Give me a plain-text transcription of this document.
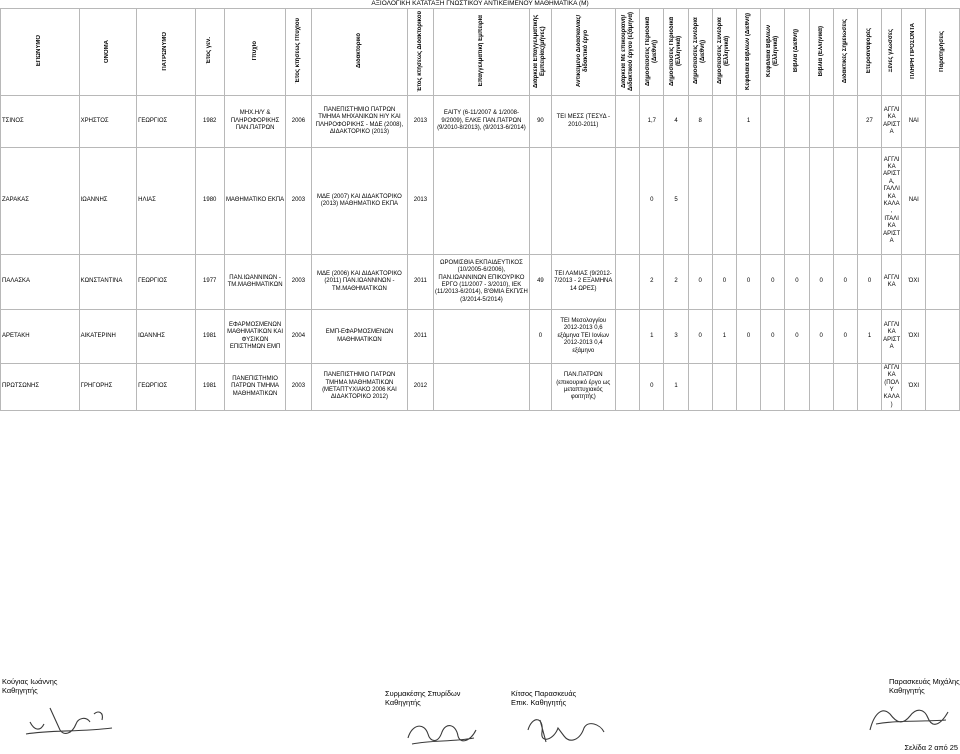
ΑΞΙΟΛΟΓΙΚΗ ΚΑΤΑΤΑΞΗ ΓΝΩΣΤΙΚΟΥ ΑΝΤΙΚΕΙΜΕΝΟΥ ΜΑΘΗΜΑΤΙΚΑ (Μ)
ΕΠΩΝΥΜΟ	ΟΝΟΜΑ	ΠΑΤΡΩΝΥΜΟ	Έτος γεν.	Πτυχίο	Έτος κτήσεως Πτυχίου	Διδακτορικό	Έτος κτήσεως Διδακτορικού	Επαγγελματική Εμπειρία	Διάρκεια Επαγγελματικής Εμπειρίας(μήνες)	Αντικείμενο Διδασκαλίας/ διδακτικό έργο	Διάρκεια Με επικουρίανή/ Διδακτικού έργου (εξάμηνα)	Δημοσιεύσεις Περιοδικά (Διεθνή)	Δημοσιεύσεις Περιοδικά (Ελληνικά)	Δημοσιεύσεις Συνέδρια (Διεθνή)	Δημοσιεύσεις Συνέδρια (Ελληνικά)	Κεφάλαια Βιβλίων (Διεθνή)	Κεφάλαια Βιβλίων (Ελληνικά)	Βιβλία (Διεθνή)	Βιβλία (Ελληνικά)	Διδακτικές Σημειώσεις	Ετεροαναφορές	Ξένες γλώσσες	ΠΛΗΡΗ ΠΡΟΣΟΝΤΑ	Παρατηρήσεις
ΤΣΙΝΟΣ	ΧΡΗΣΤΟΣ	ΓΕΩΡΓΙΟΣ	1982	ΜΗΧ.Η/Υ & ΠΛΗΡΟΦΟΡΙΚΗΣ ΠΑΝ.ΠΑΤΡΩΝ	2006	ΠΑΝΕΠΙΣΤΗΜΙΟ ΠΑΤΡΩΝ ΤΜΗΜΑ ΜΗΧΑΝΙΚΩΝ Η/Υ ΚΑΙ ΠΛΗΡΟΦΟΡΙΚΗΣ - ΜΔΕ (2008), ΔΙΔΑΚΤΟΡΙΚΟ (2013)	2013	ΕΑΙΤΥ (6-11/2007 & 1/2008-9/2009), ΕΛΚΕ ΠΑΝ.ΠΑΤΡΩΝ (9/2010-8/2013), (9/2013-6/2014)	90	ΤΕΙ ΜΕΣΣ (ΤΕΣΥΔ - 2010-2011)		1,7	4	8		1					27	ΑΓΓΛΙΚΑ ΑΡΙΣΤΑ	ΝΑΙ	
ΖΑΡΑΚΑΣ	ΙΩΑΝΝΗΣ	ΗΛΙΑΣ	1980	ΜΑΘΗΜΑΤΙΚΟ ΕΚΠΑ	2003	ΜΔΕ (2007) ΚΑΙ ΔΙΔΑΚΤΟΡΙΚΟ (2013) ΜΑΘΗΜΑΤΙΚΟ ΕΚΠΑ	2013					0	5									ΑΓΓΛΙΚΑ ΑΡΙΣΤΑ, ΓΑΛΛΙΚΑ ΚΑΛΑ, ΙΤΑΛΙΚΑ ΑΡΙΣΤΑ	ΝΑΙ	
ΠΑΛΑΣΚΑ	ΚΩΝΣΤΑΝΤΙΝΑ	ΓΕΩΡΓΙΟΣ	1977	ΠΑΝ.ΙΩΑΝΝΙΝΩΝ - ΤΜ.ΜΑΘΗΜΑΤΙΚΩΝ	2003	ΜΔΕ (2006) ΚΑΙ ΔΙΔΑΚΤΟΡΙΚΟ (2011) ΠΑΝ.ΙΩΑΝΝΙΝΩΝ - ΤΜ.ΜΑΘΗΜΑΤΙΚΩΝ	2011	ΩΡΟΜΙΣΘΙΑ ΕΚΠΑΙΔΕΥΤΙΚΟΣ (10/2005-6/2006), ΠΑΝ.ΙΩΑΝΝΙΝΩΝ ΕΠΙΚΟΥΡΙΚΟ ΕΡΓΟ (11/2007 - 3/2010), ΙΕΚ (11/2013-6/2014), Β'ΘΜΙΑ ΕΚΠ/ΣΗ (3/2014-5/2014)	49	ΤΕΙ ΛΑΜΙΑΣ (9/2012-7/2013 - 2 ΕΞΑΜΗΝΑ 14 ΩΡΕΣ)		2	2	0	0	0	0	0	0	0	0	ΑΓΓΛΙΚΑ	ΌΧΙ	
ΑΡΕΤΑΚΗ	ΑΙΚΑΤΕΡΙΝΗ	ΙΩΑΝΝΗΣ	1981	ΕΦΑΡΜΟΣΜΕΝΩΝ ΜΑΘΗΜΑΤΙΚΩΝ ΚΑΙ ΦΥΣΙΚΩΝ ΕΠΙΣΤΗΜΩΝ ΕΜΠ	2004	ΕΜΠ-ΕΦΑΡΜΟΣΜΕΝΩΝ ΜΑΘΗΜΑΤΙΚΩΝ	2011		0	ΤΕΙ Μεσολογγίου 2012-2013 0,6 εξάμηνα ΤΕΙ Ιονίων 2012-2013 0,4 εξάμηνο		1	3	0	1	0	0	0	0	0	1	ΑΓΓΛΙΚΑ ΑΡΙΣΤΑ	ΌΧΙ	
ΠΡΩΤΣΩΝΗΣ	ΓΡΗΓΟΡΗΣ	ΓΕΩΡΓΙΟΣ	1981	ΠΑΝΕΠΙΣΤΗΜΙΟ ΠΑΤΡΩΝ ΤΜΗΜΑ ΜΑΘΗΜΑΤΙΚΩΝ	2003	ΠΑΝΕΠΙΣΤΗΜΙΟ ΠΑΤΡΩΝ ΤΜΗΜΑ ΜΑΘΗΜΑΤΙΚΩΝ (ΜΕΤΑΠΤΥΧΙΑΚΟ 2006 ΚΑΙ ΔΙΔΑΚΤΟΡΙΚΟ 2012)	2012			ΠΑΝ.ΠΑΤΡΩΝ (επικουρικό έργο ως μεταπτυχιακός φοιτητής)		0	1									ΑΓΓΛΙΚΑ (ΠΟΛΥ ΚΑΛΑ)	ΌΧΙ	
Κούγιας Ιωάννης
Καθηγητής	Συρμακέσης Σπυρίδων
Καθηγητής
Κίτσος Παρασκευάς
Επικ. Καθηγητής
Παρασκευάς Μιχάλης
Καθηγητής
Σελίδα 2 από 25
